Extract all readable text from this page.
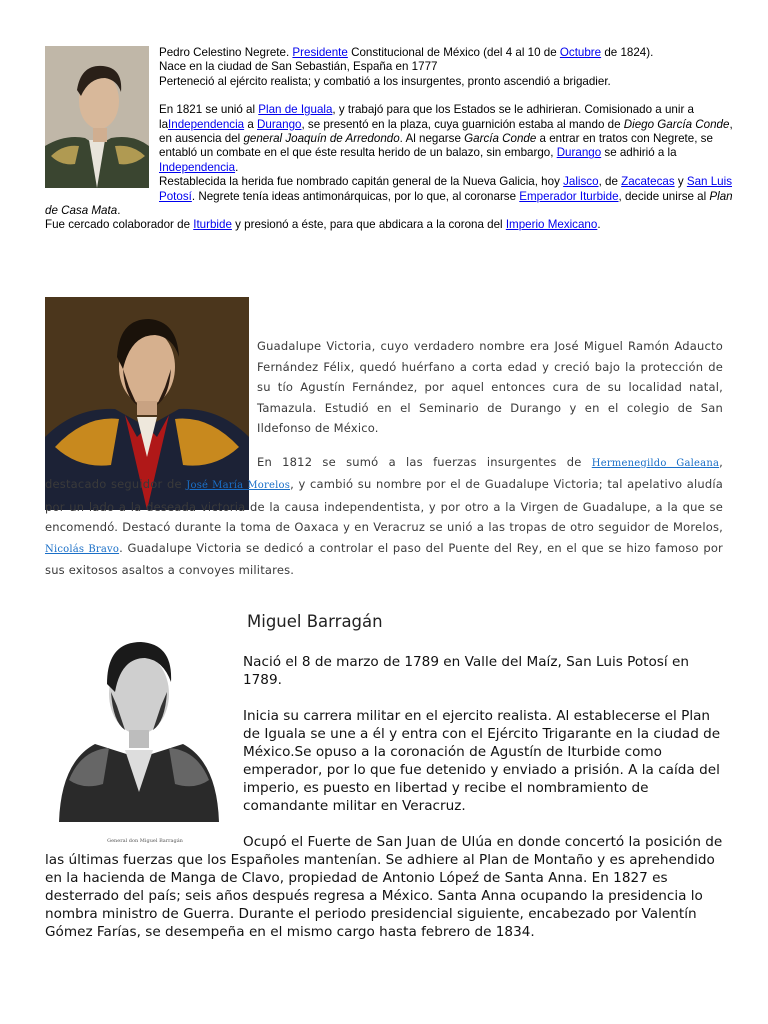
Pedro Celestino Negrete. Presidente Constitucional de México (del 4 al 10 de Octubre de 1824).

Nace en la ciudad de San Sebastián, España en 1777

Perteneció al ejército realista; y combatió a los insurgentes, pronto ascendió a brigadier.

En 1821 se unió al Plan de Iguala, y trabajó para que los Estados se le adhirieran. Comisionado a unir a laIndependencia a Durango, se presentó en la plaza, cuya guarnición estaba al mando de Diego García Conde, en ausencia del general Joaquín de Arredondo. Al negarse García Conde a entrar en tratos con Negrete, se entabló un combate en el que éste resulta herido de un balazo, sin embargo, Durango se adhirió a la Independencia.

Restablecida la herida fue nombrado capitán general de la Nueva Galicia, hoy Jalisco, de Zacatecas y San Luis Potosí. Negrete tenía ideas antimonárquicas, por lo que, al coronarse Emperador Iturbide, decide unirse al Plan de Casa Mata.

Fue cercado colaborador de Iturbide y presionó a éste, para que abdicara a la corona del Imperio Mexicano.

Guadalupe Victoria, cuyo verdadero nombre era José Miguel Ramón Adaucto Fernández Félix, quedó huérfano a corta edad y creció bajo la protección de su tío Agustín Fernández, por aquel entonces cura de su localidad natal, Tamazula. Estudió en el Seminario de Durango y en el colegio de San Ildefonso de México.

En 1812 se sumó a las fuerzas insurgentes de Hermenegildo Galeana, destacado seguidor de José María Morelos, y cambió su nombre por el de Guadalupe Victoria; tal apelativo aludía por un lado a la deseada victoria de la causa independentista, y por otro a la Virgen de Guadalupe, a la que se encomendó. Destacó durante la toma de Oaxaca y en Veracruz se unió a las tropas de otro seguidor de Morelos, Nicolás Bravo. Guadalupe Victoria se dedicó a controlar el paso del Puente del Rey, en el que se hizo famoso por sus exitosos asaltos a convoyes militares.

General don Miguel Barragán
Miguel Barragán

Nació el 8 de marzo de 1789 en Valle del Maíz, San Luis Potosí en 1789.

Inicia su carrera militar en el ejercito realista. Al establecerse el Plan de Iguala se une a él y entra con el Ejército Trigarante en la ciudad de México.Se opuso a la coronación de Agustín de Iturbide como emperador, por lo que fue detenido y enviado a prisión. A la caída del imperio, es puesto en libertad y recibe el nombramiento de comandante militar en Veracruz.

Ocupó el Fuerte de San Juan de Ulúa en donde concertó la posición de las últimas fuerzas que los Españoles mantenían. Se adhiere al Plan de Montaño y es aprehendido en la hacienda de Manga de Clavo, propiedad de Antonio Lópeź de Santa Anna. En 1827 es desterrado del país; seis años después regresa a México. Santa Anna ocupando la presidencia lo nombra ministro de Guerra. Durante el periodo presidencial siguiente, encabezado por Valentín Gómez Farías, se desempeña en el mismo cargo hasta febrero de 1834.
